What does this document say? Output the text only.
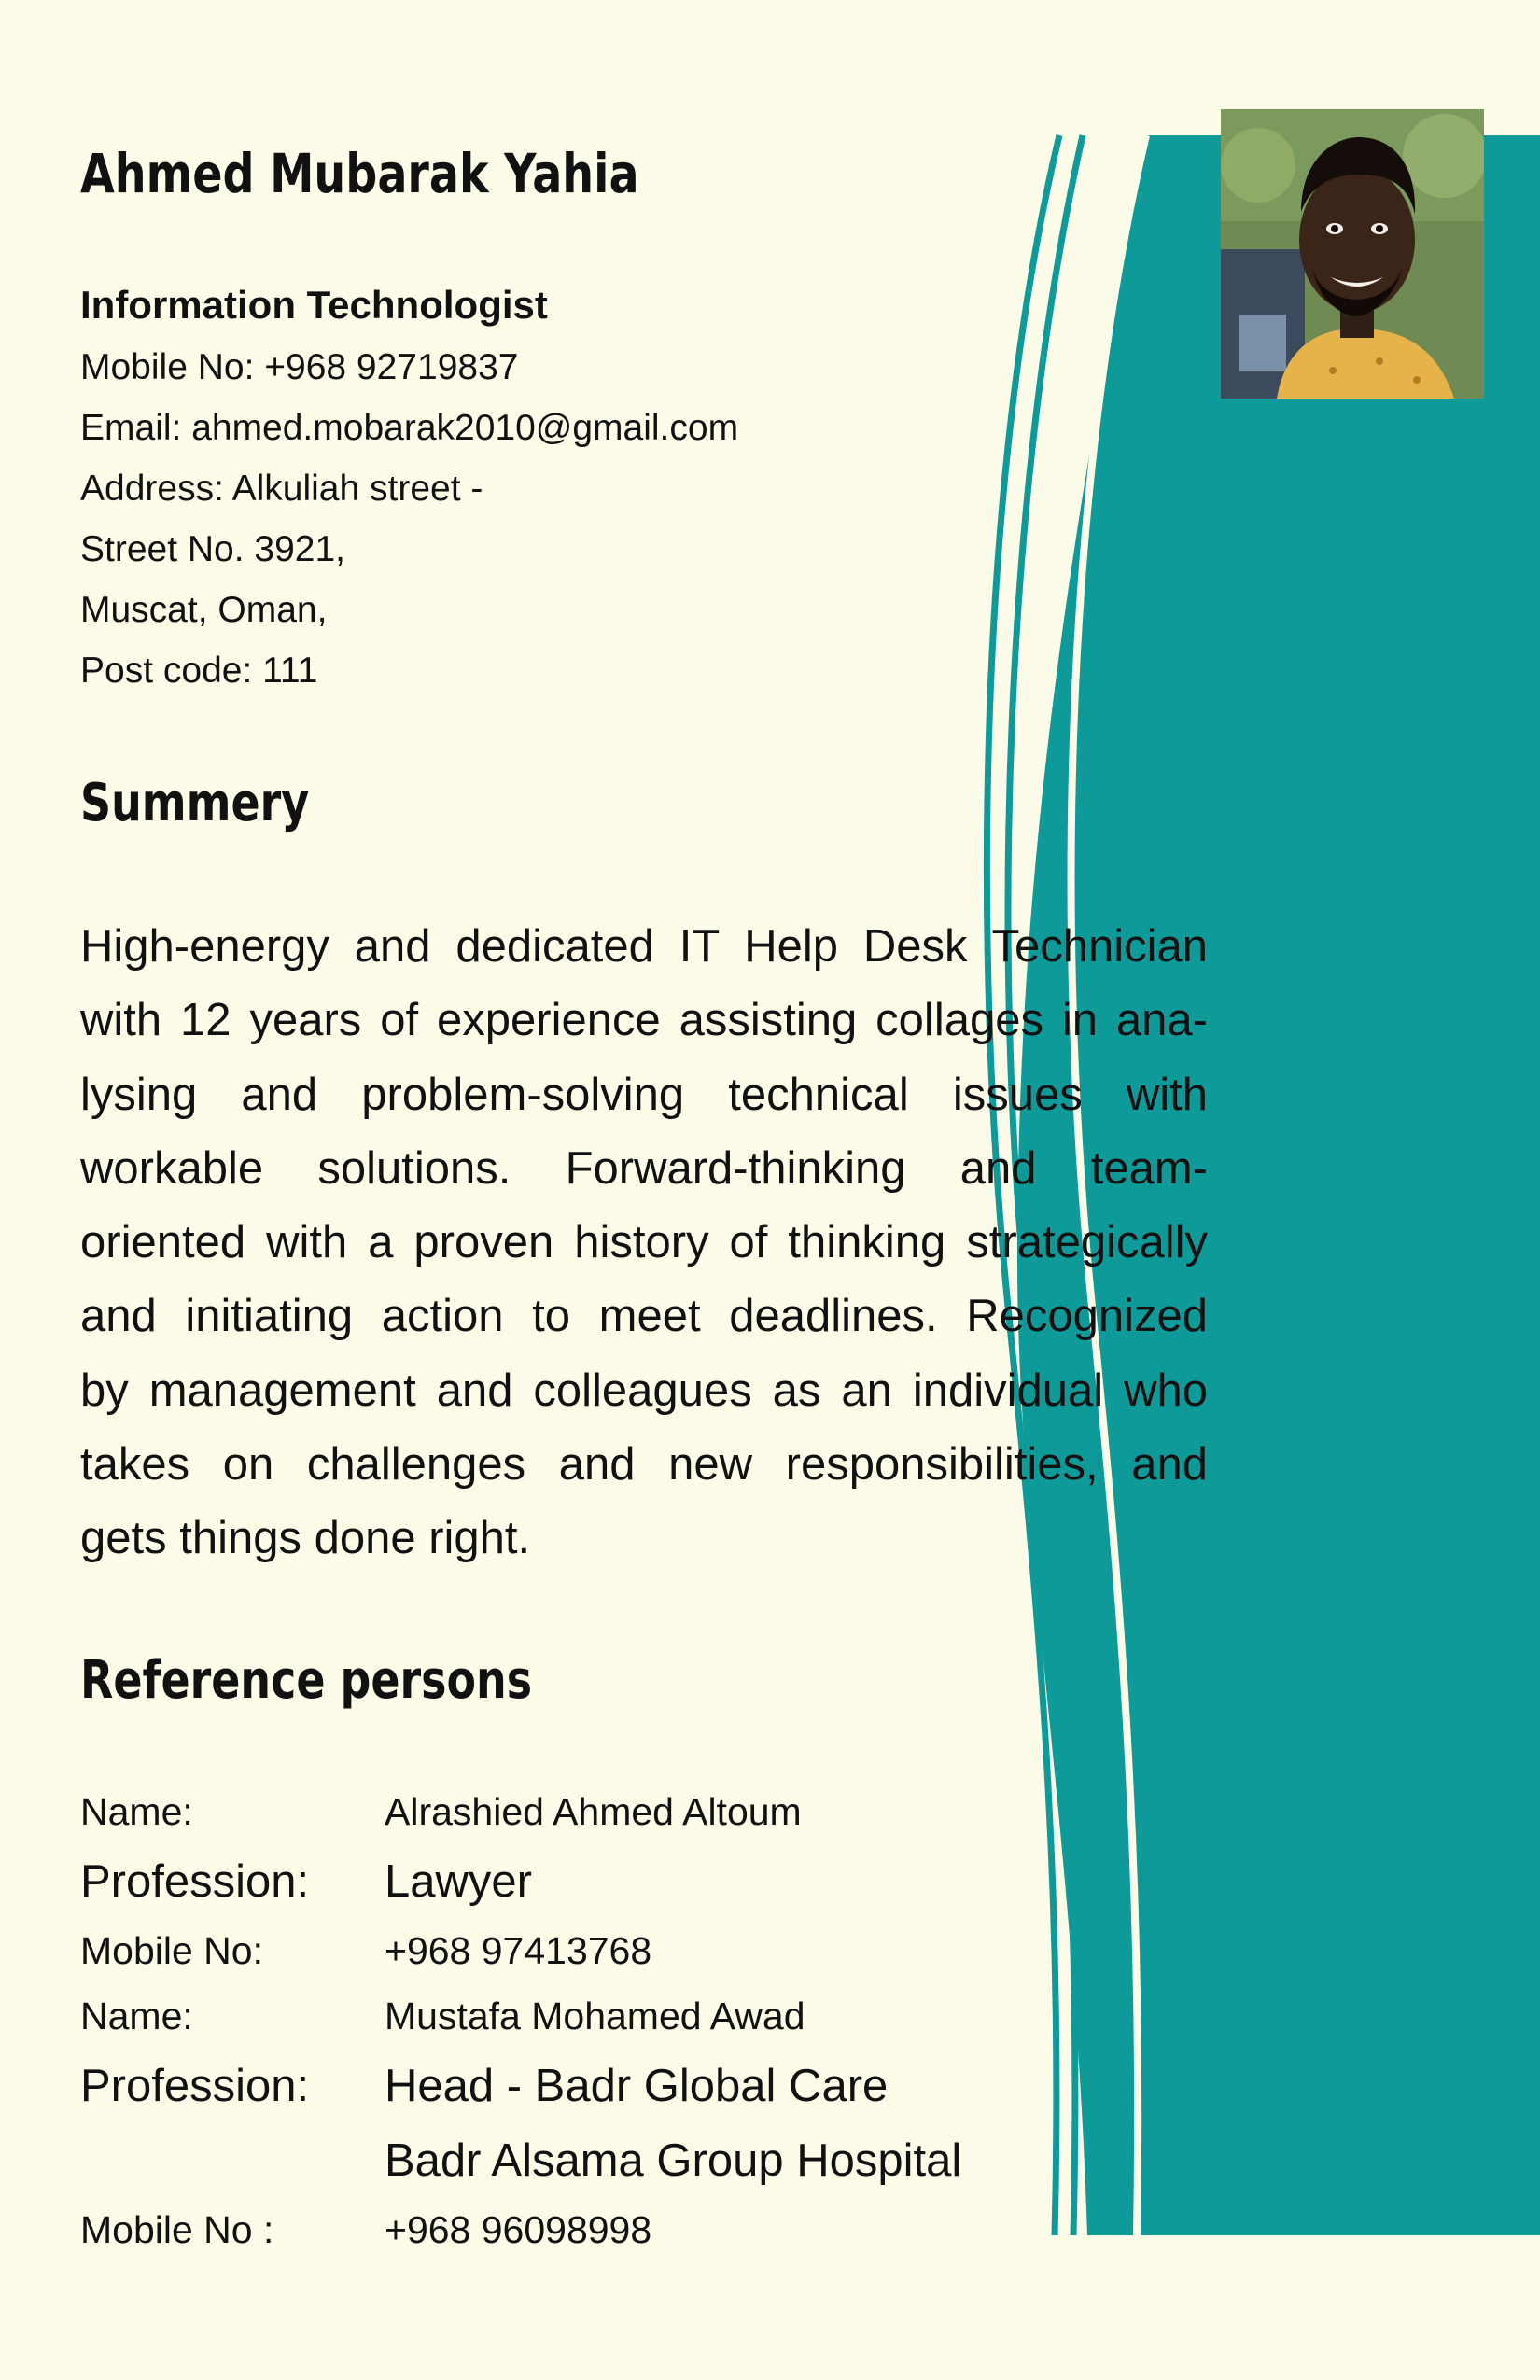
Ahmed Mubarak Yahia
Information Technologist
Mobile No: +968 92719837
Email: ahmed.mobarak2010@gmail.com
Address: Alkuliah street -
Street No. 3921,
Muscat, Oman,
Post code: 111
Summery
High-energy and dedicated IT Help Desk Technician
with 12 years of experience assisting collages in ana-
lysing and problem-solving technical issues with
workable solutions. Forward-thinking and team-
oriented with a proven history of thinking strategically
and initiating action to meet deadlines. Recognized
by management and colleagues as an individual who
takes on challenges and new responsibilities, and
gets things done right.
Reference persons
Name:	Alrashied Ahmed Altoum
Profession: Lawyer
Mobile No:	+968 97413768
Name:	Mustafa Mohamed Awad
Profession: Head - Badr Global Care
Badr Alsama Group Hospital
Mobile No :	+968 96098998
